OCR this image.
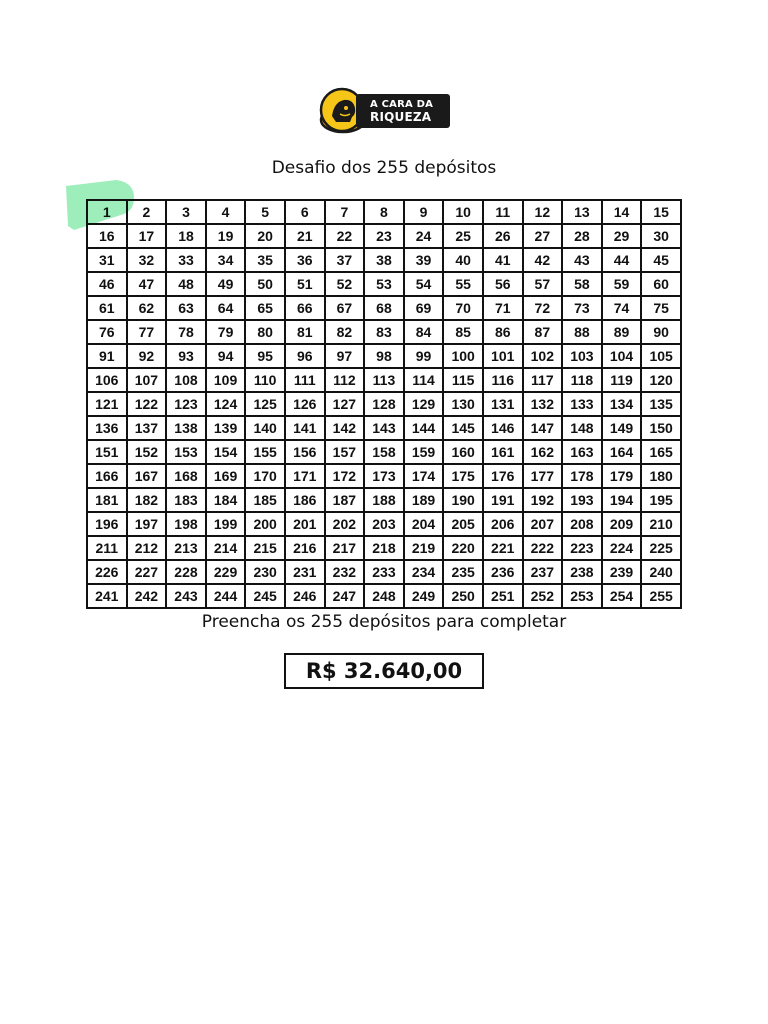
A CARA DA
RIQUEZA
Desafio dos 255 depósitos
1	2	3	4	5	6	7	8	9	10	11	12	13	14	15
16	17	18	19	20	21	22	23	24	25	26	27	28	29	30
31	32	33	34	35	36	37	38	39	40	41	42	43	44	45
46	47	48	49	50	51	52	53	54	55	56	57	58	59	60
61	62	63	64	65	66	67	68	69	70	71	72	73	74	75
76	77	78	79	80	81	82	83	84	85	86	87	88	89	90
91	92	93	94	95	96	97	98	99	100	101	102	103	104	105
106	107	108	109	110	111	112	113	114	115	116	117	118	119	120
121	122	123	124	125	126	127	128	129	130	131	132	133	134	135
136	137	138	139	140	141	142	143	144	145	146	147	148	149	150
151	152	153	154	155	156	157	158	159	160	161	162	163	164	165
166	167	168	169	170	171	172	173	174	175	176	177	178	179	180
181	182	183	184	185	186	187	188	189	190	191	192	193	194	195
196	197	198	199	200	201	202	203	204	205	206	207	208	209	210
211	212	213	214	215	216	217	218	219	220	221	222	223	224	225
226	227	228	229	230	231	232	233	234	235	236	237	238	239	240
241	242	243	244	245	246	247	248	249	250	251	252	253	254	255
Preencha os 255 depósitos para completar
R$ 32.640,00
